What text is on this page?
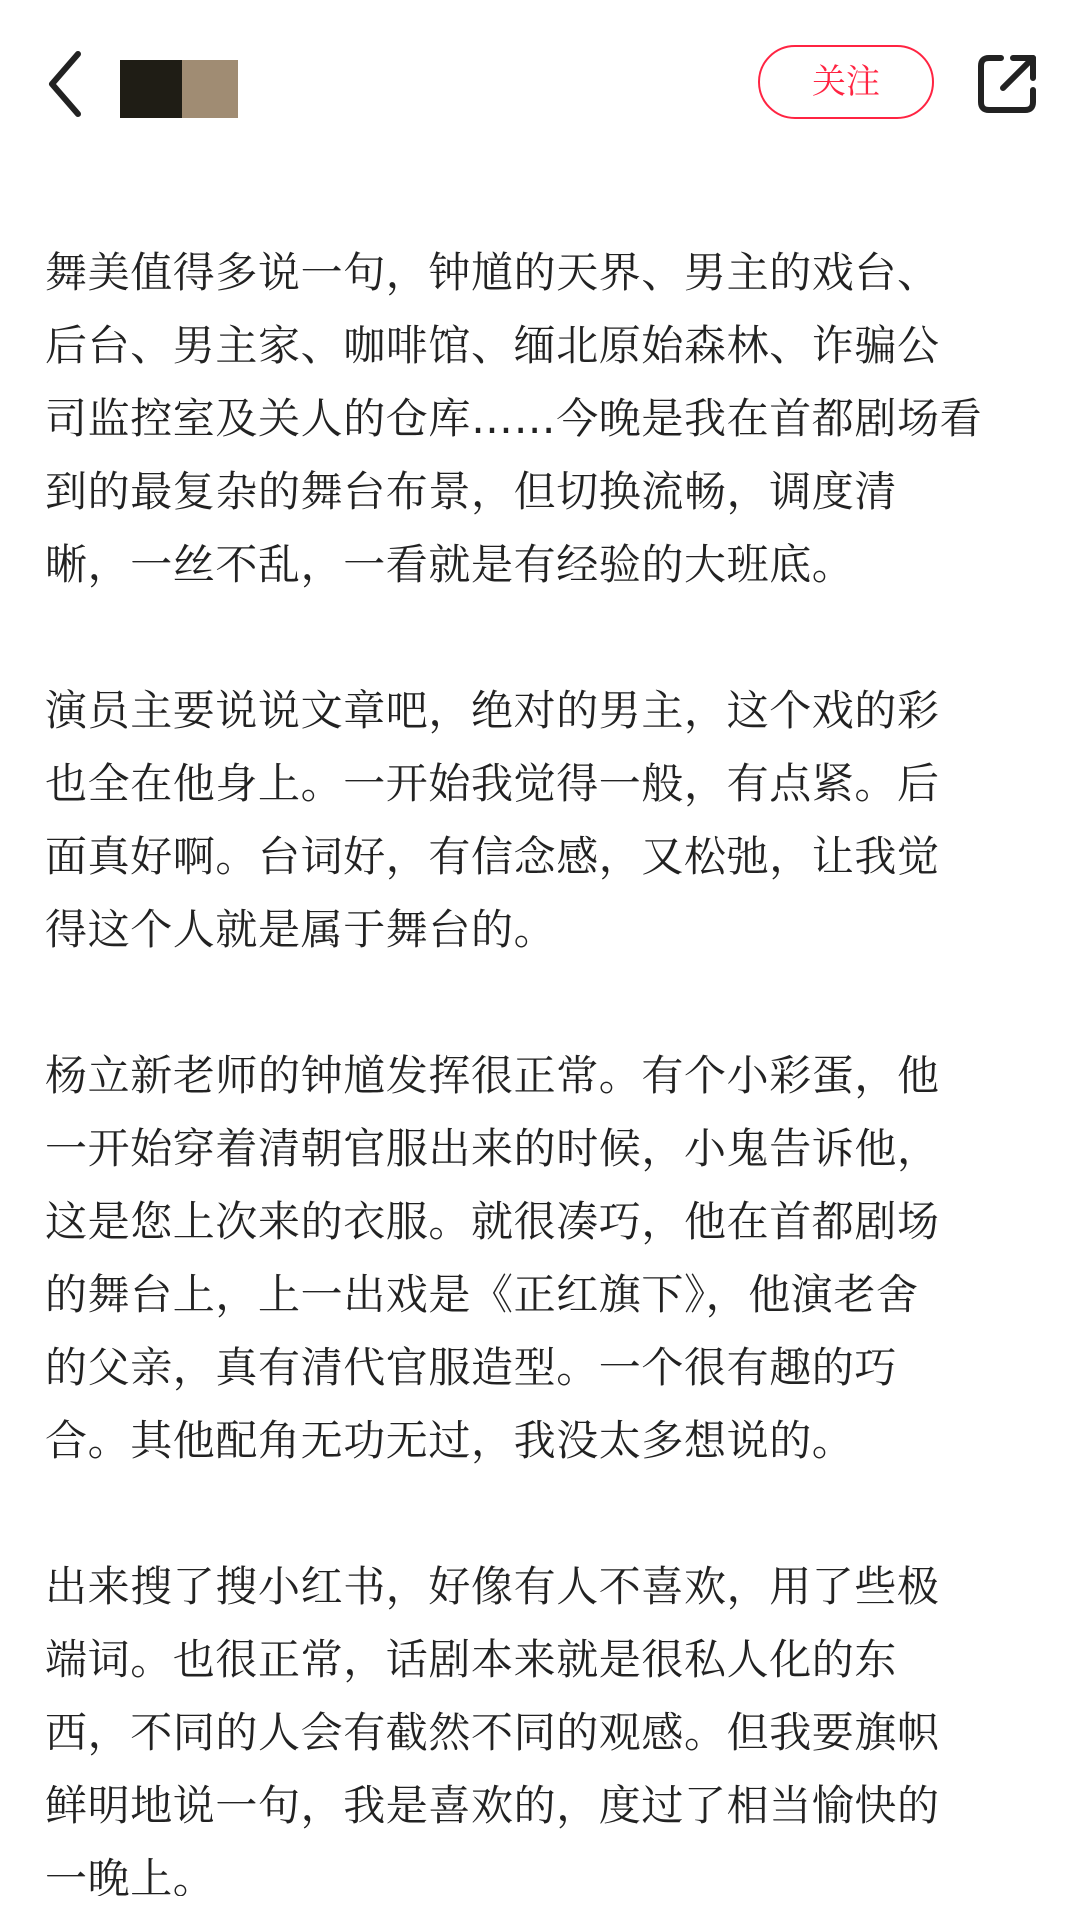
关注

舞美值得多说一句，钟馗的天界、男主的戏台、
后台、男主家、咖啡馆、缅北原始森林、诈骗公
司监控室及关人的仓库……今晚是我在首都剧场看
到的最复杂的舞台布景，但切换流畅，调度清
晰，一丝不乱，一看就是有经验的大班底。

演员主要说说文章吧，绝对的男主，这个戏的彩
也全在他身上。一开始我觉得一般，有点紧。后
面真好啊。台词好，有信念感，又松弛，让我觉
得这个人就是属于舞台的。

杨立新老师的钟馗发挥很正常。有个小彩蛋，他
一开始穿着清朝官服出来的时候，小鬼告诉他，
这是您上次来的衣服。就很凑巧，他在首都剧场
的舞台上，上一出戏是《正红旗下》，他演老舍
的父亲，真有清代官服造型。一个很有趣的巧
合。其他配角无功无过，我没太多想说的。

出来搜了搜小红书，好像有人不喜欢，用了些极
端词。也很正常，话剧本来就是很私人化的东
西，不同的人会有截然不同的观感。但我要旗帜
鲜明地说一句，我是喜欢的，度过了相当愉快的
一晚上。
